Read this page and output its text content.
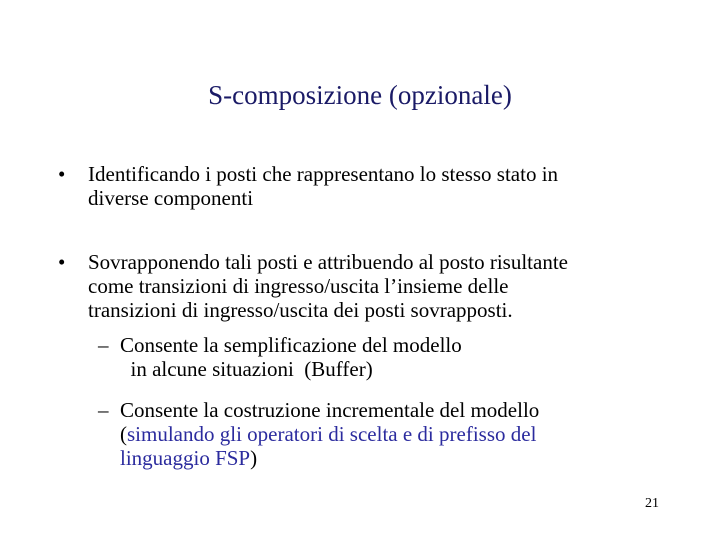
S-composizione (opzionale)
• Identificando i posti che rappresentano lo stesso stato in
diverse componenti
• Sovrapponendo tali posti e attribuendo al posto risultante
come transizioni di ingresso/uscita l’insieme delle
transizioni di ingresso/uscita dei posti sovrapposti.
– Consente la semplificazione del modello
in alcune situazioni  (Buffer)
– Consente la costruzione incrementale del modello
(simulando gli operatori di scelta e di prefisso del
linguaggio FSP)
21
